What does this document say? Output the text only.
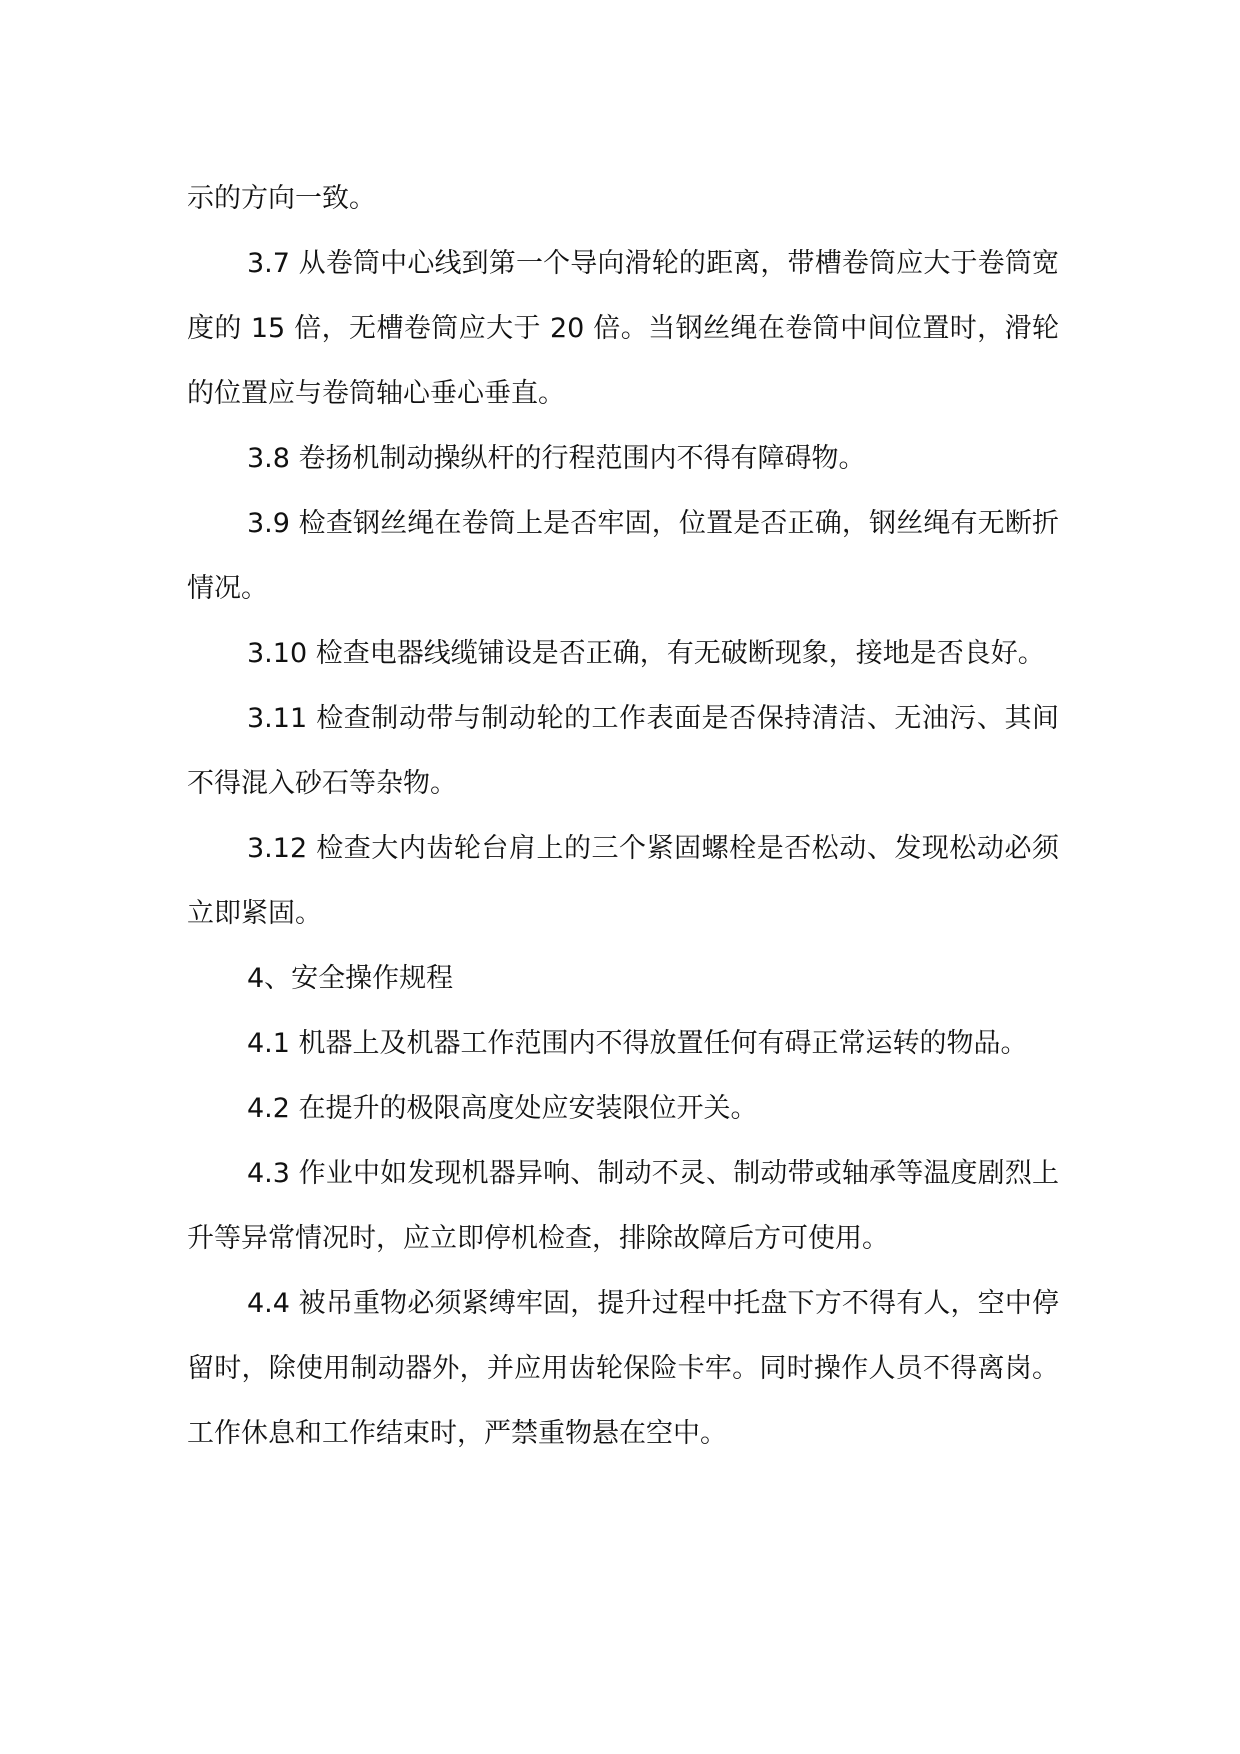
示的方向一致。

3.7 从卷筒中心线到第一个导向滑轮的距离，带槽卷筒应大于卷筒宽度的 15 倍，无槽卷筒应大于 20 倍。当钢丝绳在卷筒中间位置时，滑轮的位置应与卷筒轴心垂心垂直。

3.8 卷扬机制动操纵杆的行程范围内不得有障碍物。

3.9 检查钢丝绳在卷筒上是否牢固，位置是否正确，钢丝绳有无断折情况。

3.10 检查电器线缆铺设是否正确，有无破断现象，接地是否良好。

3.11 检查制动带与制动轮的工作表面是否保持清洁、无油污、其间不得混入砂石等杂物。

3.12 检查大内齿轮台肩上的三个紧固螺栓是否松动、发现松动必须立即紧固。

4、安全操作规程

4.1 机器上及机器工作范围内不得放置任何有碍正常运转的物品。

4.2 在提升的极限高度处应安装限位开关。

4.3 作业中如发现机器异响、制动不灵、制动带或轴承等温度剧烈上升等异常情况时，应立即停机检查，排除故障后方可使用。

4.4 被吊重物必须紧缚牢固，提升过程中托盘下方不得有人，空中停留时，除使用制动器外，并应用齿轮保险卡牢。同时操作人员不得离岗。工作休息和工作结束时，严禁重物悬在空中。
